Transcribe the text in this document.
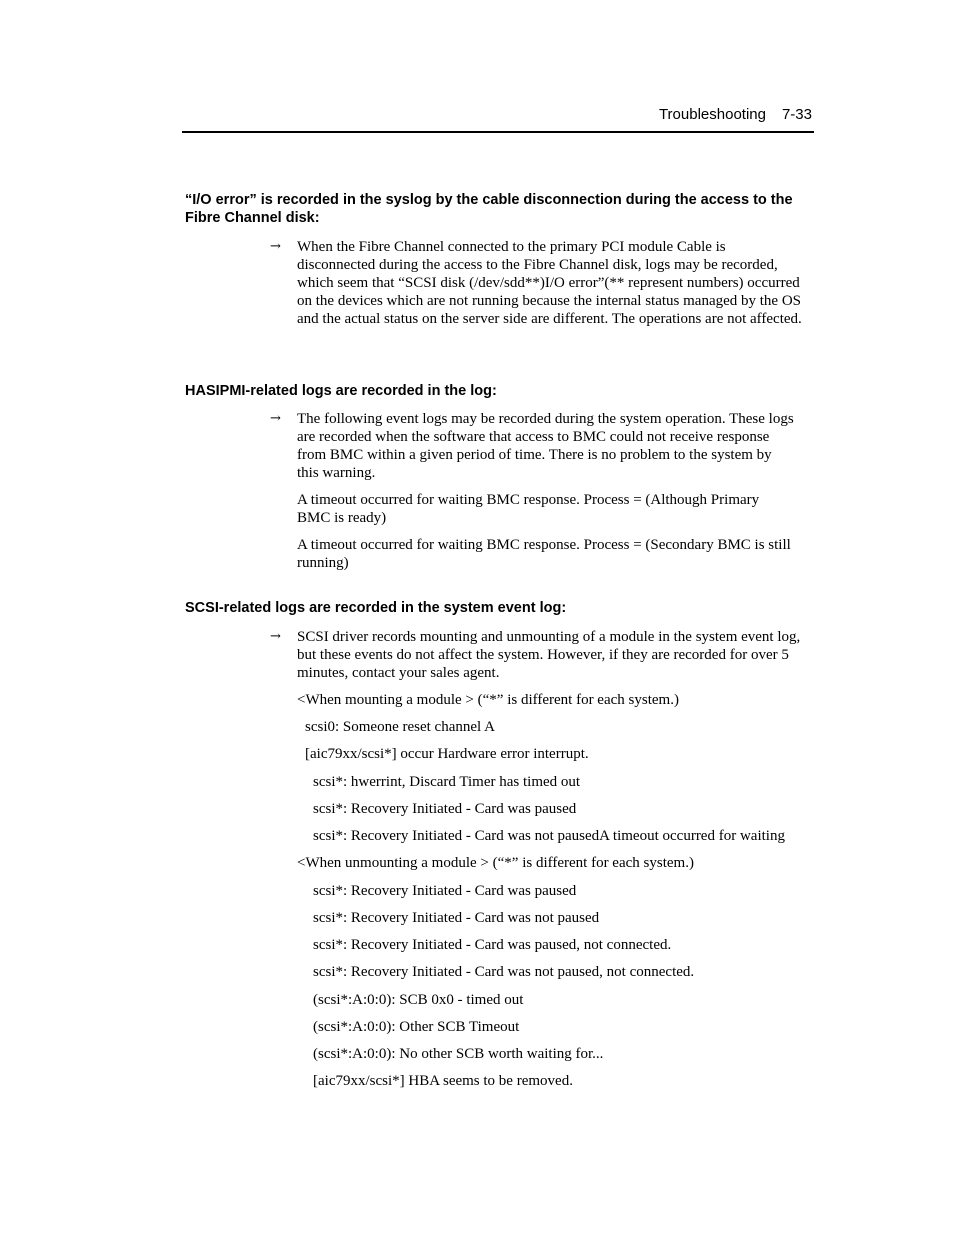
Troubleshooting 7-33
“I/O error” is recorded in the syslog by the cable disconnection during the access to the Fibre Channel disk:
→ When the Fibre Channel connected to the primary PCI module Cable is disconnected during the access to the Fibre Channel disk, logs may be recorded, which seem that “SCSI disk (/dev/sdd**)I/O error”(** represent numbers) occurred on the devices which are not running because the internal status managed by the OS and the actual status on the server side are different. The operations are not affected.
HASIPMI-related logs are recorded in the log:
→ The following event logs may be recorded during the system operation. These logs are recorded when the software that access to BMC could not receive response from BMC within a given period of time. There is no problem to the system by this warning.
A timeout occurred for waiting BMC response. Process = (Although Primary BMC is ready)
A timeout occurred for waiting BMC response. Process = (Secondary BMC is still running)
SCSI-related logs are recorded in the system event log:
→ SCSI driver records mounting and unmounting of a module in the system event log, but these events do not affect the system. However, if they are recorded for over 5 minutes, contact your sales agent.
<When mounting a module > (“*” is different for each system.)
scsi0: Someone reset channel A
[aic79xx/scsi*] occur Hardware error interrupt.
scsi*: hwerrint, Discard Timer has timed out
scsi*: Recovery Initiated - Card was paused
scsi*: Recovery Initiated - Card was not pausedA timeout occurred for waiting
<When unmounting a module > (“*” is different for each system.)
scsi*: Recovery Initiated - Card was paused
scsi*: Recovery Initiated - Card was not paused
scsi*: Recovery Initiated - Card was paused, not connected.
scsi*: Recovery Initiated - Card was not paused, not connected.
(scsi*:A:0:0): SCB 0x0 - timed out
(scsi*:A:0:0): Other SCB Timeout
(scsi*:A:0:0): No other SCB worth waiting for...
[aic79xx/scsi*] HBA seems to be removed.
